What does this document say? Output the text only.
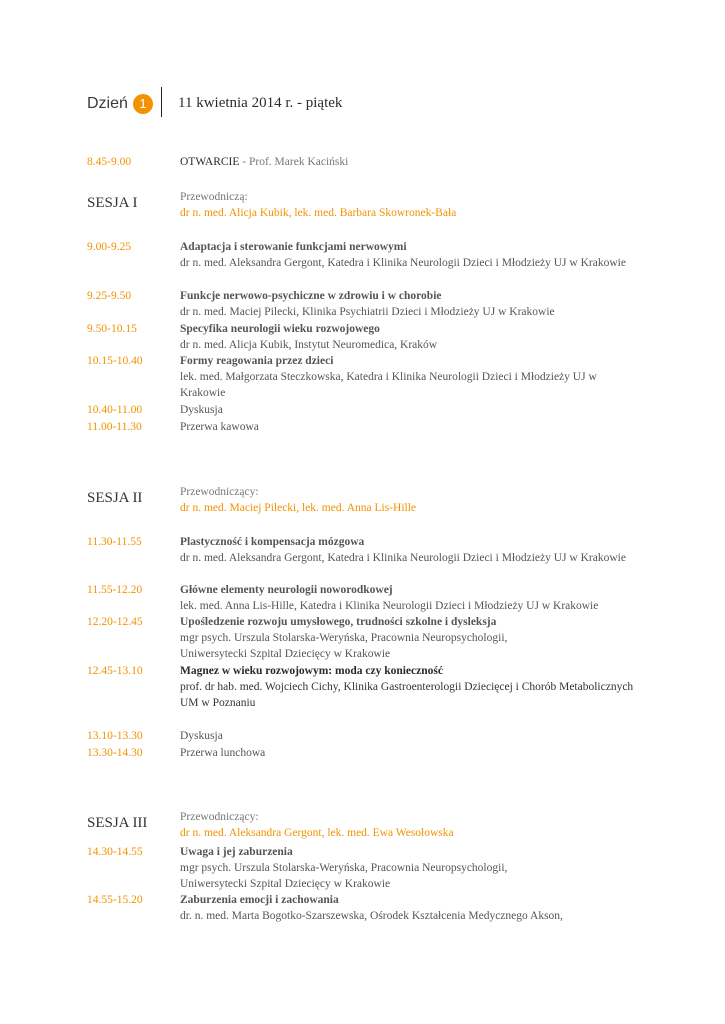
Dzień 1	11 kwietnia 2014 r. - piątek
8.45-9.00	OTWARCIE - Prof. Marek Kaciński
SESJA I	Przewodniczą:
dr n. med. Alicja Kubik, lek. med. Barbara Skowronek-Bała
9.00-9.25	Adaptacja i sterowanie funkcjami nerwowymi
dr n. med. Aleksandra Gergont, Katedra i Klinika Neurologii Dzieci i Młodzieży UJ w Krakowie
9.25-9.50	Funkcje nerwowo-psychiczne w zdrowiu i w chorobie
dr n. med. Maciej Pilecki, Klinika Psychiatrii Dzieci i Młodzieży UJ w Krakowie
9.50-10.15	Specyfika neurologii wieku rozwojowego
dr n. med. Alicja Kubik, Instytut Neuromedica, Kraków
10.15-10.40	Formy reagowania przez dzieci
lek. med. Małgorzata Steczkowska, Katedra i Klinika Neurologii Dzieci i Młodzieży UJ w Krakowie
10.40-11.00	Dyskusja
11.00-11.30	Przerwa kawowa
SESJA II	Przewodniczący:
dr n. med. Maciej Pilecki, lek. med. Anna Lis-Hille
11.30-11.55	Plastyczność i kompensacja mózgowa
dr n. med. Aleksandra Gergont, Katedra i Klinika Neurologii Dzieci i Młodzieży UJ w Krakowie
11.55-12.20	Główne elementy neurologii noworodkowej
lek. med. Anna Lis-Hille, Katedra i Klinika Neurologii Dzieci i Młodzieży UJ w Krakowie
12.20-12.45	Upośledzenie rozwoju umysłowego, trudności szkolne i dysleksja
mgr psych. Urszula Stolarska-Weryńska, Pracownia Neuropsychologii,
Uniwersytecki Szpital Dziecięcy w Krakowie
12.45-13.10	Magnez w wieku rozwojowym: moda czy konieczność
prof. dr hab. med. Wojciech Cichy, Klinika Gastroenterologii Dziecięcej i Chorób Metabolicznych
UM w Poznaniu
13.10-13.30	Dyskusja
13.30-14.30	Przerwa lunchowa
SESJA III	Przewodniczący:
dr n. med. Aleksandra Gergont, lek. med. Ewa Wesołowska
14.30-14.55	Uwaga i jej zaburzenia
mgr psych. Urszula Stolarska-Weryńska, Pracownia Neuropsychologii,
Uniwersytecki Szpital Dziecięcy w Krakowie
14.55-15.20	Zaburzenia emocji i zachowania
dr. n. med. Marta Bogotko-Szarszewska, Ośrodek Kształcenia Medycznego Akson,
